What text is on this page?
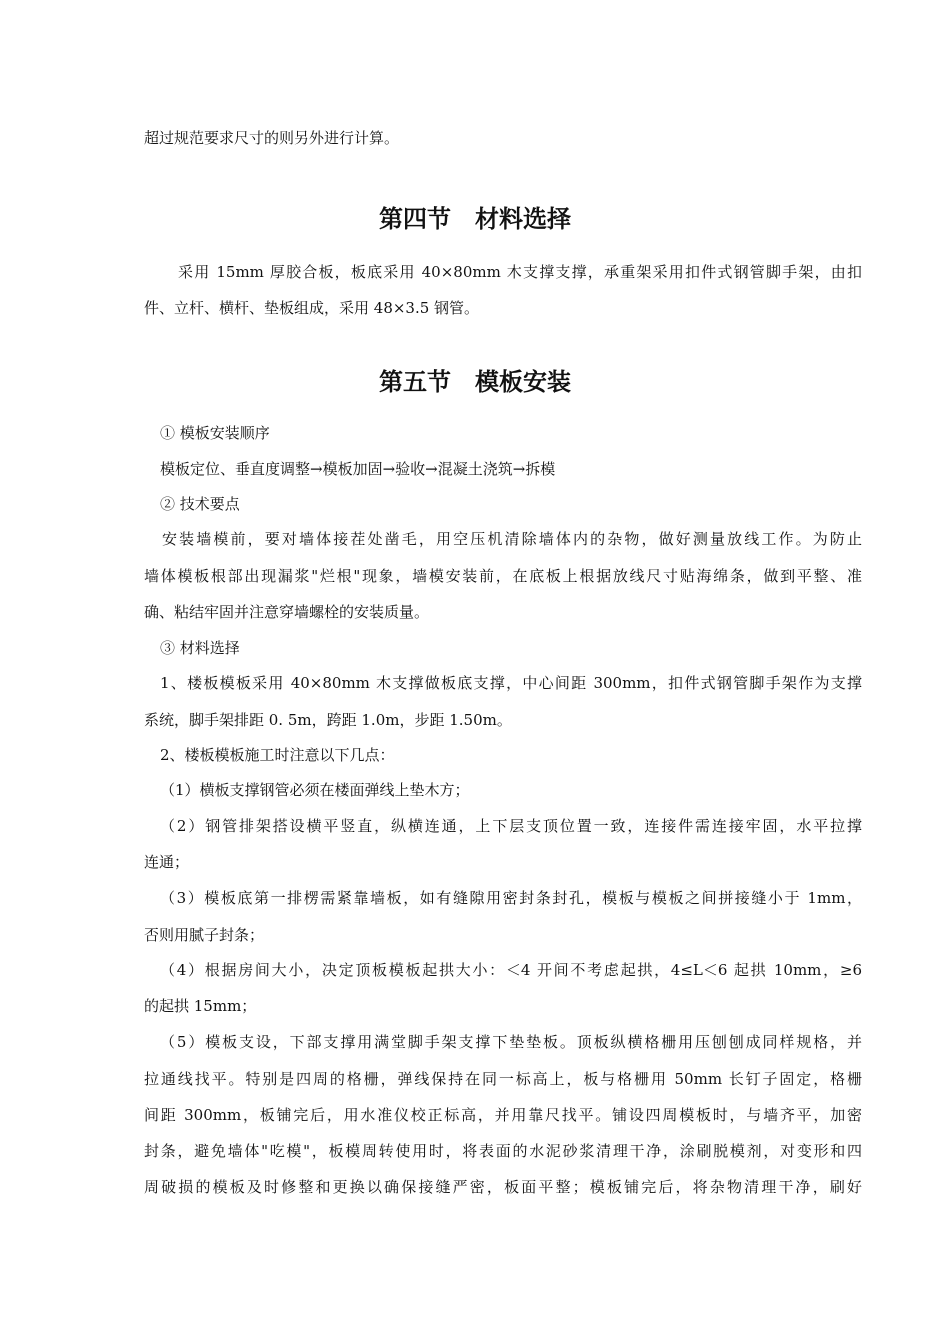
超过规范要求尺寸的则另外进行计算。
第四节　材料选择
采用 15mm 厚胶合板，板底采用 40×80mm 木支撑支撑，承重架采用扣件式钢管脚手架，由扣
件、立杆、横杆、垫板组成，采用 48×3.5 钢管。
第五节　模板安装
① 模板安装顺序
模板定位、垂直度调整→模板加固→验收→混凝土浇筑→拆模
② 技术要点
安装墙模前，要对墙体接茬处凿毛，用空压机清除墙体内的杂物，做好测量放线工作。为防止
墙体模板根部出现漏浆"烂根"现象，墙模安装前，在底板上根据放线尺寸贴海绵条，做到平整、准
确、粘结牢固并注意穿墙螺栓的安装质量。
③ 材料选择
1、楼板模板采用 40×80mm 木支撑做板底支撑，中心间距 300mm，扣件式钢管脚手架作为支撑
系统，脚手架排距 0. 5m，跨距 1.0m，步距 1.50m。
2、楼板模板施工时注意以下几点：
（1）横板支撑钢管必须在楼面弹线上垫木方；
（2）钢管排架搭设横平竖直，纵横连通，上下层支顶位置一致，连接件需连接牢固，水平拉撑
连通；
（3）模板底第一排楞需紧靠墙板，如有缝隙用密封条封孔，模板与模板之间拼接缝小于 1mm，
否则用腻子封条；
（4）根据房间大小，决定顶板模板起拱大小：＜4 开间不考虑起拱，4≤L＜6 起拱 10mm，≥6
的起拱 15mm；
（5）模板支设，下部支撑用满堂脚手架支撑下垫垫板。顶板纵横格栅用压刨刨成同样规格，并
拉通线找平。特别是四周的格栅，弹线保持在同一标高上，板与格栅用 50mm 长钉子固定，格栅
间距 300mm，板铺完后，用水准仪校正标高，并用靠尺找平。铺设四周模板时，与墙齐平，加密
封条，避免墙体"吃模"，板模周转使用时，将表面的水泥砂浆清理干净，涂刷脱模剂，对变形和四
周破损的模板及时修整和更换以确保接缝严密，板面平整；模板铺完后，将杂物清理干净，刷好
